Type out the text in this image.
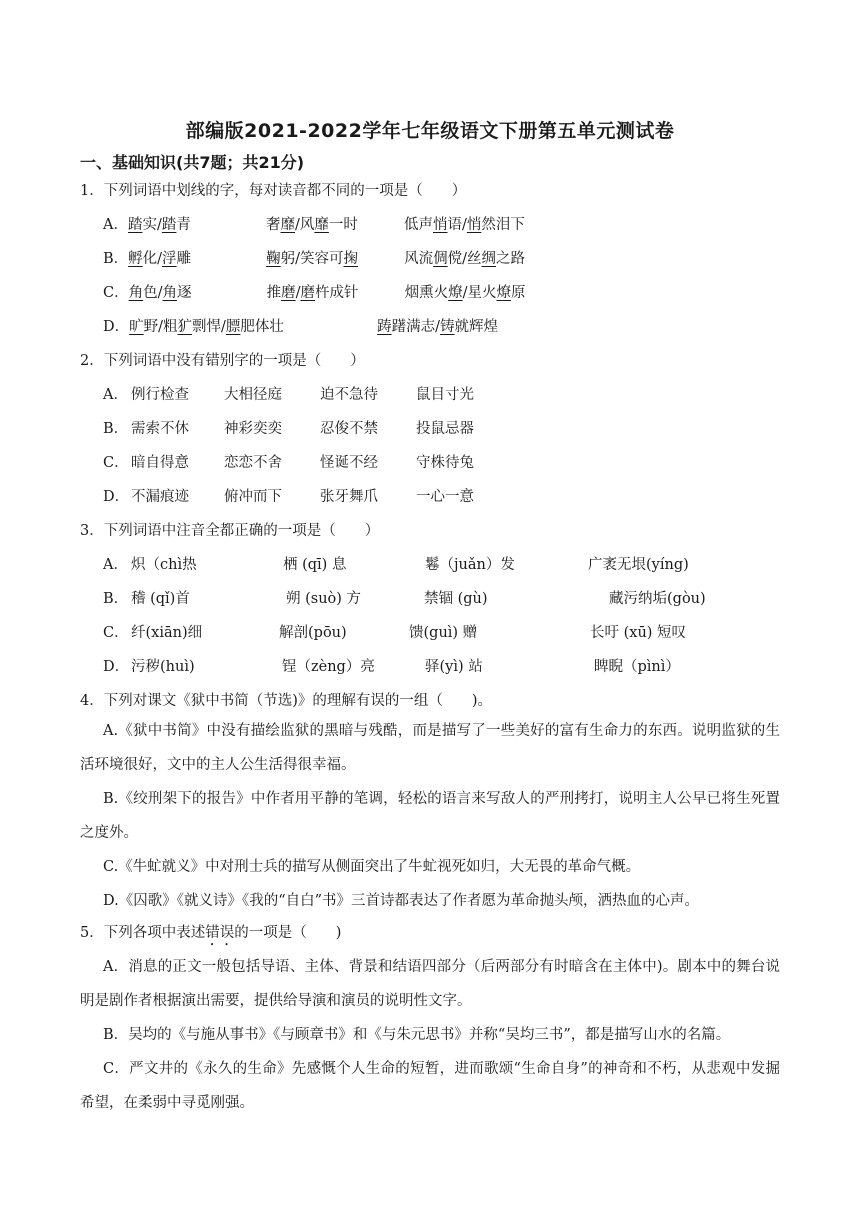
部编版2021-2022学年七年级语文下册第五单元测试卷
一、基础知识(共7题；共21分)
1．下列词语中划线的字，每对读音都不同的一项是（　　）
A．踏实/踏青	奢靡/风靡一时	低声悄语/悄然泪下
B．孵化/浮雕	鞠躬/笑容可掬	风流倜傥/丝绸之路
C．角色/角逐	推磨/磨杵成针	烟熏火燎/星火燎原
D．旷野/粗犷剽悍/膘肥体壮	踌躇满志/铸就辉煌
2．下列词语中没有错别字的一项是（　　）
A． 例行检查 大相径庭	迫不急待	鼠目寸光
B． 需索不休 神彩奕奕	忍俊不禁	投鼠忌器
C． 暗自得意 恋恋不舍	怪诞不经	守株待兔
D． 不漏痕迹 俯冲而下	张牙舞爪	一心一意
3．下列词语中注音全都正确的一项是（　　）
A． 炽（chì热	栖 (qī) 息	鬈（juǎn）发	广袤无垠(yíng)
B． 稽 (qǐ)首	朔 (suò) 方	禁锢 (gù)	藏污纳垢(gòu)
C． 纤(xiān)细	解剖(pōu)	馈(guì) 赠	长吁 (xū) 短叹
D． 污秽(huì)	锃（zèng）亮	驿(yì) 站	睥睨（pìnì）
4．下列对课文《狱中书简（节选)》的理解有误的一组（　　)。
A.《狱中书简》中没有描绘监狱的黑暗与残酷，而是描写了一些美好的富有生命力的东西。说明监狱的生活环境很好，文中的主人公生活得很幸福。
B.《绞刑架下的报告》中作者用平静的笔调，轻松的语言来写敌人的严刑拷打，说明主人公早已将生死置之度外。
C.《牛虻就义》中对刑士兵的描写从侧面突出了牛虻视死如归，大无畏的革命气概。
D.《囚歌》《就义诗》《我的“自白”书》三首诗都表达了作者愿为革命抛头颅，洒热血的心声。
5．下列各项中表述错误的一项是（　　)
A．消息的正文一般包括导语、主体、背景和结语四部分（后两部分有时暗含在主体中)。剧本中的舞台说明是剧作者根据演出需要，提供给导演和演员的说明性文字。
B．吴均的《与施从事书》《与顾章书》和《与朱元思书》并称“吴均三书”，都是描写山水的名篇。
C．严文井的《永久的生命》先感慨个人生命的短暂，进而歌颂“生命自身”的神奇和不朽，从悲观中发掘希望，在柔弱中寻觅刚强。
